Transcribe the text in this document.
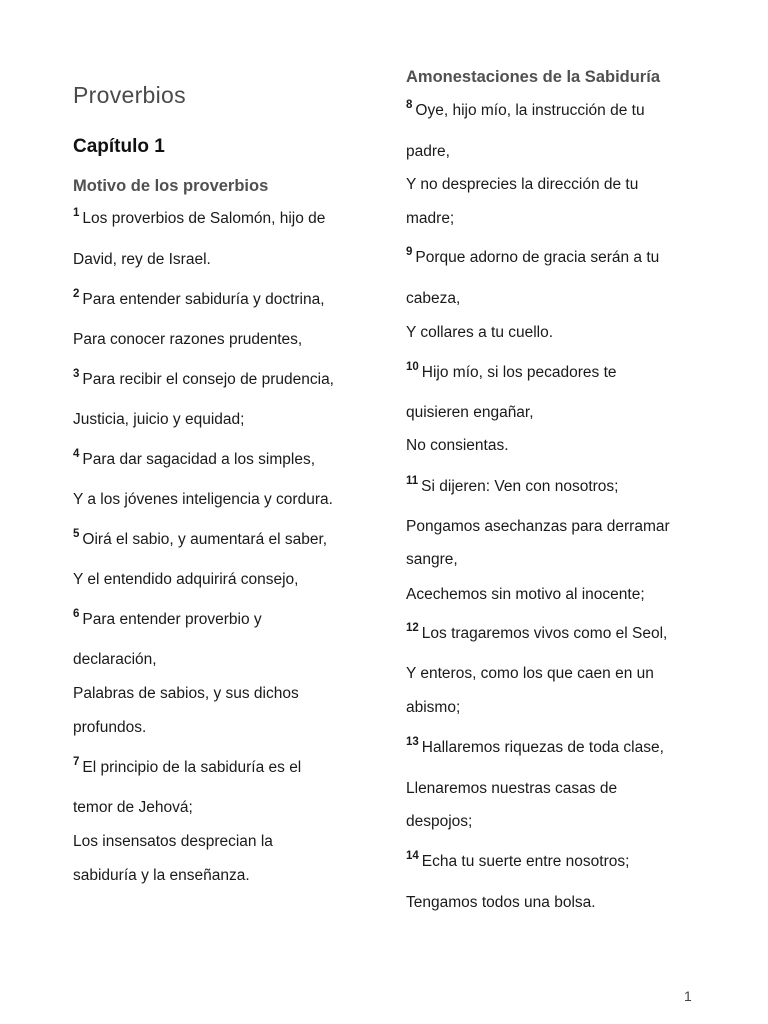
Proverbios
Capítulo 1
Motivo de los proverbios
Amonestaciones de la Sabiduría
$^1$ Los proverbios de Salomón, hijo de
David, rey de Israel.
$^2$ Para entender sabiduría y doctrina,
Para conocer razones prudentes,
$^3$ Para recibir el consejo de prudencia,
Justicia, juicio y equidad;
$^4$ Para dar sagacidad a los simples,
Y a los jóvenes inteligencia y cordura.
$^5$ Oirá el sabio, y aumentará el saber,
Y el entendido adquirirá consejo,
$^6$ Para entender proverbio y
declaración,
Palabras de sabios, y sus dichos
profundos.
$^7$ El principio de la sabiduría es el
temor de Jehová;
Los insensatos desprecian la
sabiduría y la enseñanza.
$^8$ Oye, hijo mío, la instrucción de tu
padre,
Y no desprecies la dirección de tu
madre;
$^9$ Porque adorno de gracia serán a tu
cabeza,
Y collares a tu cuello.
$^{10}$ Hijo mío, si los pecadores te
quisieren engañar,
No consientas.
$^{11}$ Si dijeren: Ven con nosotros;
Pongamos asechanzas para derramar
sangre,
Acechemos sin motivo al inocente;
$^{12}$ Los tragaremos vivos como el Seol,
Y enteros, como los que caen en un
abismo;
$^{13}$ Hallaremos riquezas de toda clase,
Llenaremos nuestras casas de
despojos;
$^{14}$ Echa tu suerte entre nosotros;
Tengamos todos una bolsa.
1
